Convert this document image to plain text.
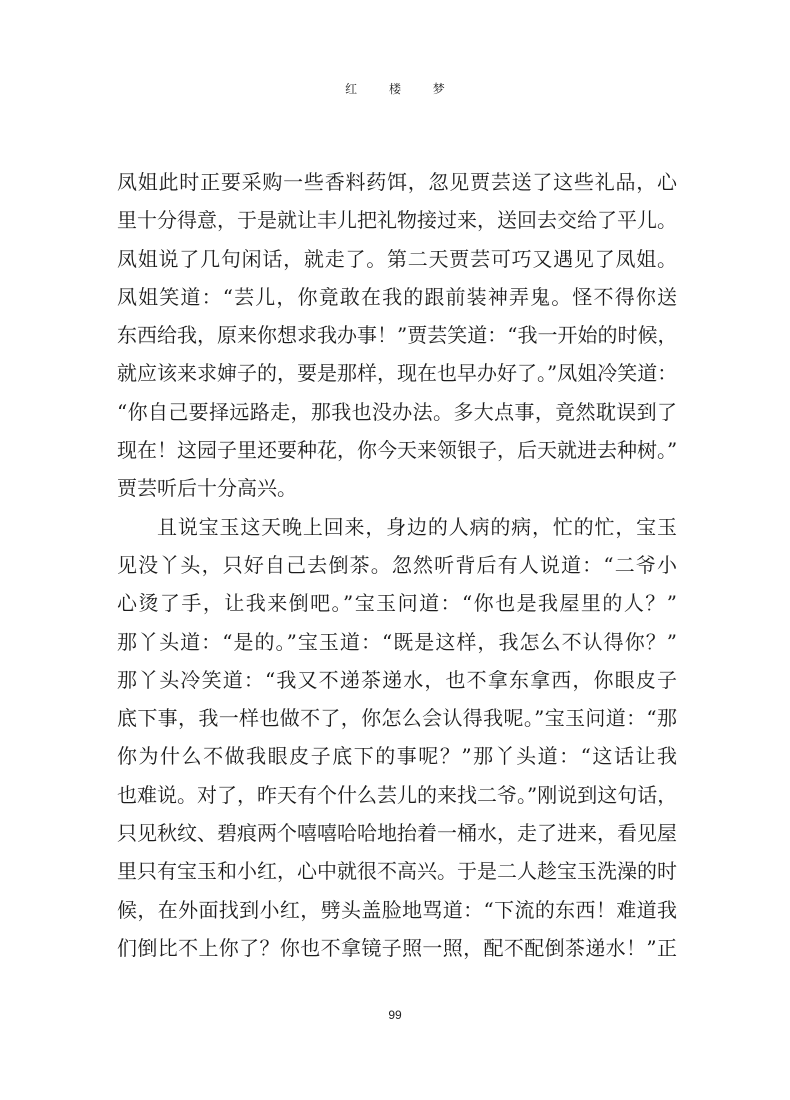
红 楼 梦
凤姐此时正要采购一些香料药饵，忽见贾芸送了这些礼品，心
里十分得意，于是就让丰儿把礼物接过来，送回去交给了平儿。
凤姐说了几句闲话，就走了。第二天贾芸可巧又遇见了凤姐。
凤姐笑道：“芸儿，你竟敢在我的跟前装神弄鬼。怪不得你送
东西给我，原来你想求我办事！”贾芸笑道：“我一开始的时候，
就应该来求婶子的，要是那样，现在也早办好了。”凤姐冷笑道：
“你自己要择远路走，那我也没办法。多大点事，竟然耽误到了
现在！这园子里还要种花，你今天来领银子，后天就进去种树。”
贾芸听后十分高兴。
且说宝玉这天晚上回来，身边的人病的病，忙的忙，宝玉
见没丫头，只好自己去倒茶。忽然听背后有人说道：“二爷小
心烫了手，让我来倒吧。”宝玉问道：“你也是我屋里的人？”
那丫头道：“是的。”宝玉道：“既是这样，我怎么不认得你？”
那丫头冷笑道：“我又不递茶递水，也不拿东拿西，你眼皮子
底下事，我一样也做不了，你怎么会认得我呢。”宝玉问道：“那
你为什么不做我眼皮子底下的事呢？”那丫头道：“这话让我
也难说。对了，昨天有个什么芸儿的来找二爷。”刚说到这句话，
只见秋纹、碧痕两个嘻嘻哈哈地抬着一桶水，走了进来，看见屋
里只有宝玉和小红，心中就很不高兴。于是二人趁宝玉洗澡的时
候，在外面找到小红，劈头盖脸地骂道：“下流的东西！难道我
们倒比不上你了？你也不拿镜子照一照，配不配倒茶递水！”正
99
